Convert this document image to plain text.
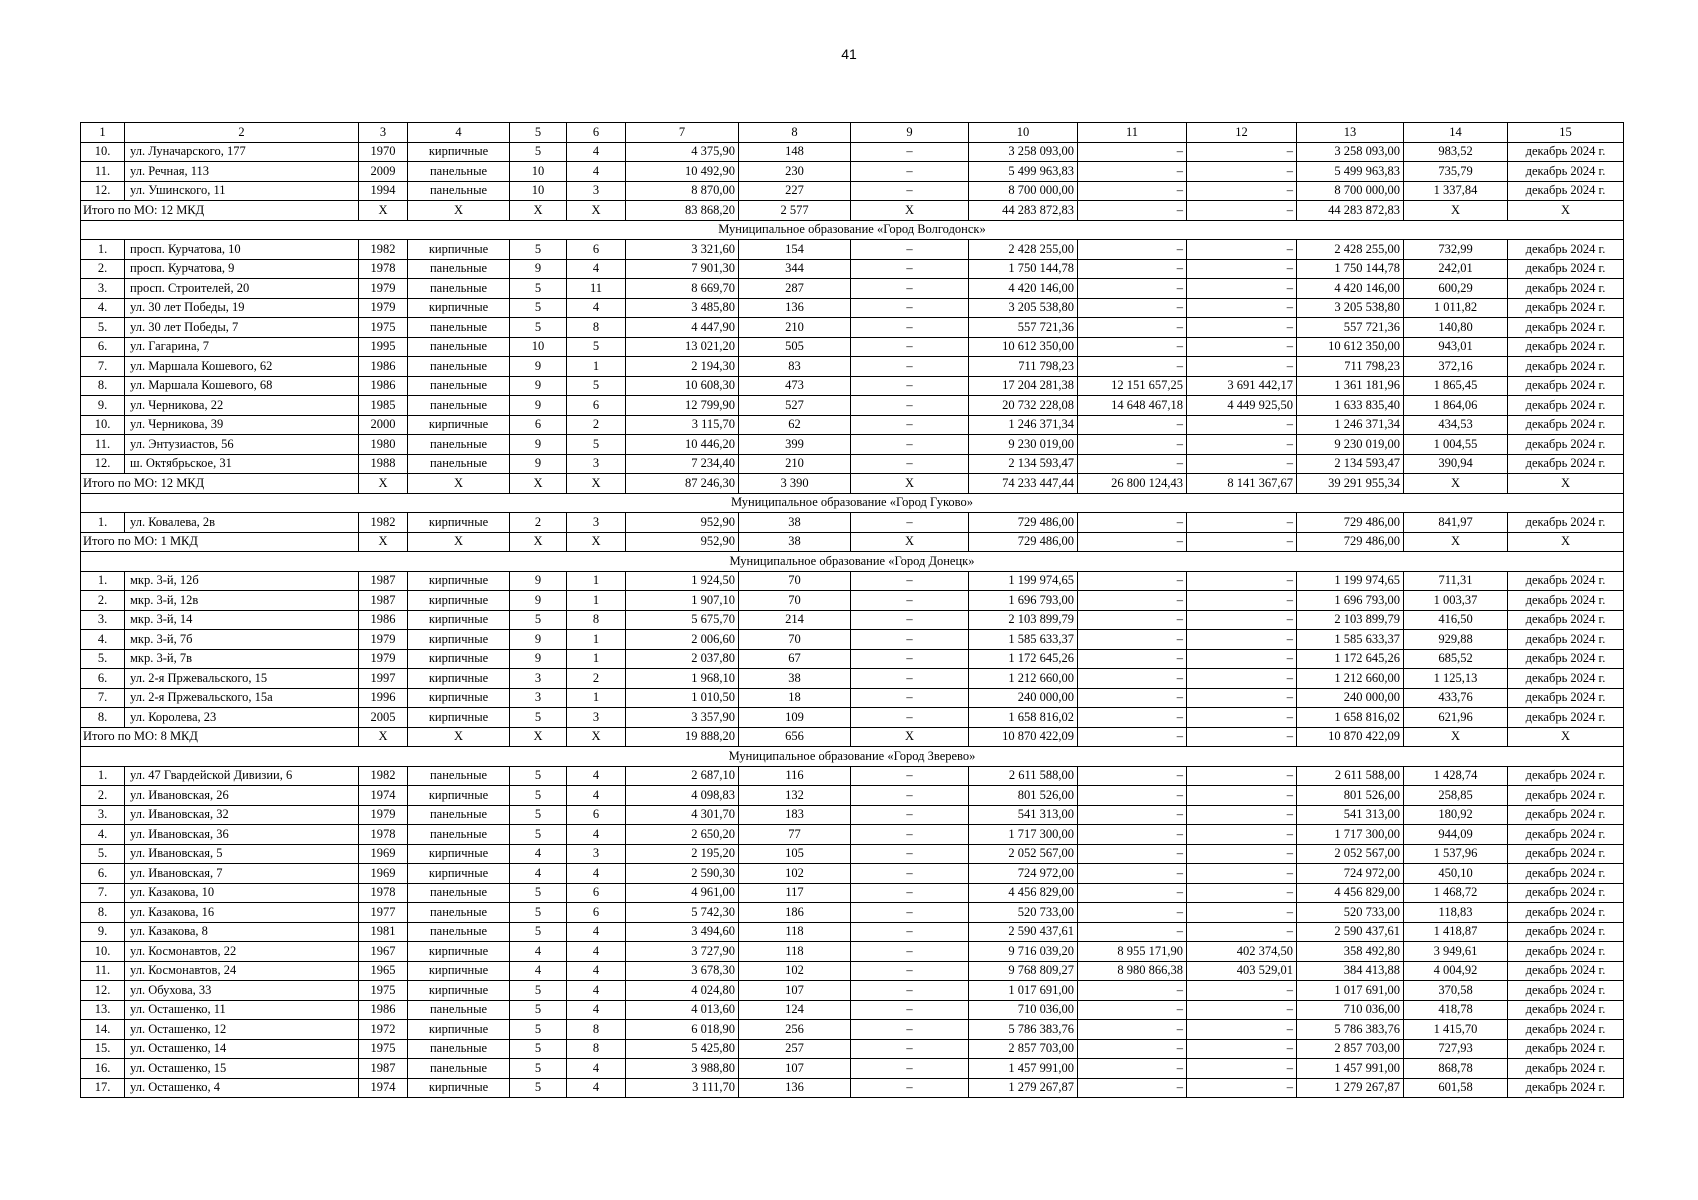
41
1	2	3	4	5	6	7	8	9	10	11	12	13	14	15
10.	ул. Луначарского, 177	1970	кирпичные	5	4	4 375,90	148	–	3 258 093,00	–	–	3 258 093,00	983,52	декабрь 2024 г.
11.	ул. Речная, 113	2009	панельные	10	4	10 492,90	230	–	5 499 963,83	–	–	5 499 963,83	735,79	декабрь 2024 г.
12.	ул. Ушинского, 11	1994	панельные	10	3	8 870,00	227	–	8 700 000,00	–	–	8 700 000,00	1 337,84	декабрь 2024 г.
Итого по МО: 12 МКД		X	X	X	X	83 868,20	2 577	X	44 283 872,83	–	–	44 283 872,83	X	X
Муниципальное образование «Город Волгодонск»														
1.	просп. Курчатова, 10	1982	кирпичные	5	6	3 321,60	154	–	2 428 255,00	–	–	2 428 255,00	732,99	декабрь 2024 г.
2.	просп. Курчатова, 9	1978	панельные	9	4	7 901,30	344	–	1 750 144,78	–	–	1 750 144,78	242,01	декабрь 2024 г.
3.	просп. Строителей, 20	1979	панельные	5	11	8 669,70	287	–	4 420 146,00	–	–	4 420 146,00	600,29	декабрь 2024 г.
4.	ул. 30 лет Победы, 19	1979	кирпичные	5	4	3 485,80	136	–	3 205 538,80	–	–	3 205 538,80	1 011,82	декабрь 2024 г.
5.	ул. 30 лет Победы, 7	1975	панельные	5	8	4 447,90	210	–	557 721,36	–	–	557 721,36	140,80	декабрь 2024 г.
6.	ул. Гагарина, 7	1995	панельные	10	5	13 021,20	505	–	10 612 350,00	–	–	10 612 350,00	943,01	декабрь 2024 г.
7.	ул. Маршала Кошевого, 62	1986	панельные	9	1	2 194,30	83	–	711 798,23	–	–	711 798,23	372,16	декабрь 2024 г.
8.	ул. Маршала Кошевого, 68	1986	панельные	9	5	10 608,30	473	–	17 204 281,38	12 151 657,25	3 691 442,17	1 361 181,96	1 865,45	декабрь 2024 г.
9.	ул. Черникова, 22	1985	панельные	9	6	12 799,90	527	–	20 732 228,08	14 648 467,18	4 449 925,50	1 633 835,40	1 864,06	декабрь 2024 г.
10.	ул. Черникова, 39	2000	кирпичные	6	2	3 115,70	62	–	1 246 371,34	–	–	1 246 371,34	434,53	декабрь 2024 г.
11.	ул. Энтузиастов, 56	1980	панельные	9	5	10 446,20	399	–	9 230 019,00	–	–	9 230 019,00	1 004,55	декабрь 2024 г.
12.	ш. Октябрьское, 31	1988	панельные	9	3	7 234,40	210	–	2 134 593,47	–	–	2 134 593,47	390,94	декабрь 2024 г.
Итого по МО: 12 МКД		X	X	X	X	87 246,30	3 390	X	74 233 447,44	26 800 124,43	8 141 367,67	39 291 955,34	X	X
Муниципальное образование «Город Гуково»														
1.	ул. Ковалева, 2в	1982	кирпичные	2	3	952,90	38	–	729 486,00	–	–	729 486,00	841,97	декабрь 2024 г.
Итого по МО: 1 МКД		X	X	X	X	952,90	38	X	729 486,00	–	–	729 486,00	X	X
Муниципальное образование «Город Донецк»														
1.	мкр. 3-й, 12б	1987	кирпичные	9	1	1 924,50	70	–	1 199 974,65	–	–	1 199 974,65	711,31	декабрь 2024 г.
2.	мкр. 3-й, 12в	1987	кирпичные	9	1	1 907,10	70	–	1 696 793,00	–	–	1 696 793,00	1 003,37	декабрь 2024 г.
3.	мкр. 3-й, 14	1986	кирпичные	5	8	5 675,70	214	–	2 103 899,79	–	–	2 103 899,79	416,50	декабрь 2024 г.
4.	мкр. 3-й, 7б	1979	кирпичные	9	1	2 006,60	70	–	1 585 633,37	–	–	1 585 633,37	929,88	декабрь 2024 г.
5.	мкр. 3-й, 7в	1979	кирпичные	9	1	2 037,80	67	–	1 172 645,26	–	–	1 172 645,26	685,52	декабрь 2024 г.
6.	ул. 2-я Пржевальского, 15	1997	кирпичные	3	2	1 968,10	38	–	1 212 660,00	–	–	1 212 660,00	1 125,13	декабрь 2024 г.
7.	ул. 2-я Пржевальского, 15а	1996	кирпичные	3	1	1 010,50	18	–	240 000,00	–	–	240 000,00	433,76	декабрь 2024 г.
8.	ул. Королева, 23	2005	кирпичные	5	3	3 357,90	109	–	1 658 816,02	–	–	1 658 816,02	621,96	декабрь 2024 г.
Итого по МО: 8 МКД		X	X	X	X	19 888,20	656	X	10 870 422,09	–	–	10 870 422,09	X	X
Муниципальное образование «Город Зверево»														
1.	ул. 47 Гвардейской Дивизии, 6	1982	панельные	5	4	2 687,10	116	–	2 611 588,00	–	–	2 611 588,00	1 428,74	декабрь 2024 г.
2.	ул. Ивановская, 26	1974	кирпичные	5	4	4 098,83	132	–	801 526,00	–	–	801 526,00	258,85	декабрь 2024 г.
3.	ул. Ивановская, 32	1979	панельные	5	6	4 301,70	183	–	541 313,00	–	–	541 313,00	180,92	декабрь 2024 г.
4.	ул. Ивановская, 36	1978	панельные	5	4	2 650,20	77	–	1 717 300,00	–	–	1 717 300,00	944,09	декабрь 2024 г.
5.	ул. Ивановская, 5	1969	кирпичные	4	3	2 195,20	105	–	2 052 567,00	–	–	2 052 567,00	1 537,96	декабрь 2024 г.
6.	ул. Ивановская, 7	1969	кирпичные	4	4	2 590,30	102	–	724 972,00	–	–	724 972,00	450,10	декабрь 2024 г.
7.	ул. Казакова, 10	1978	панельные	5	6	4 961,00	117	–	4 456 829,00	–	–	4 456 829,00	1 468,72	декабрь 2024 г.
8.	ул. Казакова, 16	1977	панельные	5	6	5 742,30	186	–	520 733,00	–	–	520 733,00	118,83	декабрь 2024 г.
9.	ул. Казакова, 8	1981	панельные	5	4	3 494,60	118	–	2 590 437,61	–	–	2 590 437,61	1 418,87	декабрь 2024 г.
10.	ул. Космонавтов, 22	1967	кирпичные	4	4	3 727,90	118	–	9 716 039,20	8 955 171,90	402 374,50	358 492,80	3 949,61	декабрь 2024 г.
11.	ул. Космонавтов, 24	1965	кирпичные	4	4	3 678,30	102	–	9 768 809,27	8 980 866,38	403 529,01	384 413,88	4 004,92	декабрь 2024 г.
12.	ул. Обухова, 33	1975	кирпичные	5	4	4 024,80	107	–	1 017 691,00	–	–	1 017 691,00	370,58	декабрь 2024 г.
13.	ул. Осташенко, 11	1986	панельные	5	4	4 013,60	124	–	710 036,00	–	–	710 036,00	418,78	декабрь 2024 г.
14.	ул. Осташенко, 12	1972	кирпичные	5	8	6 018,90	256	–	5 786 383,76	–	–	5 786 383,76	1 415,70	декабрь 2024 г.
15.	ул. Осташенко, 14	1975	панельные	5	8	5 425,80	257	–	2 857 703,00	–	–	2 857 703,00	727,93	декабрь 2024 г.
16.	ул. Осташенко, 15	1987	панельные	5	4	3 988,80	107	–	1 457 991,00	–	–	1 457 991,00	868,78	декабрь 2024 г.
17.	ул. Осташенко, 4	1974	кирпичные	5	4	3 111,70	136	–	1 279 267,87	–	–	1 279 267,87	601,58	декабрь 2024 г.
